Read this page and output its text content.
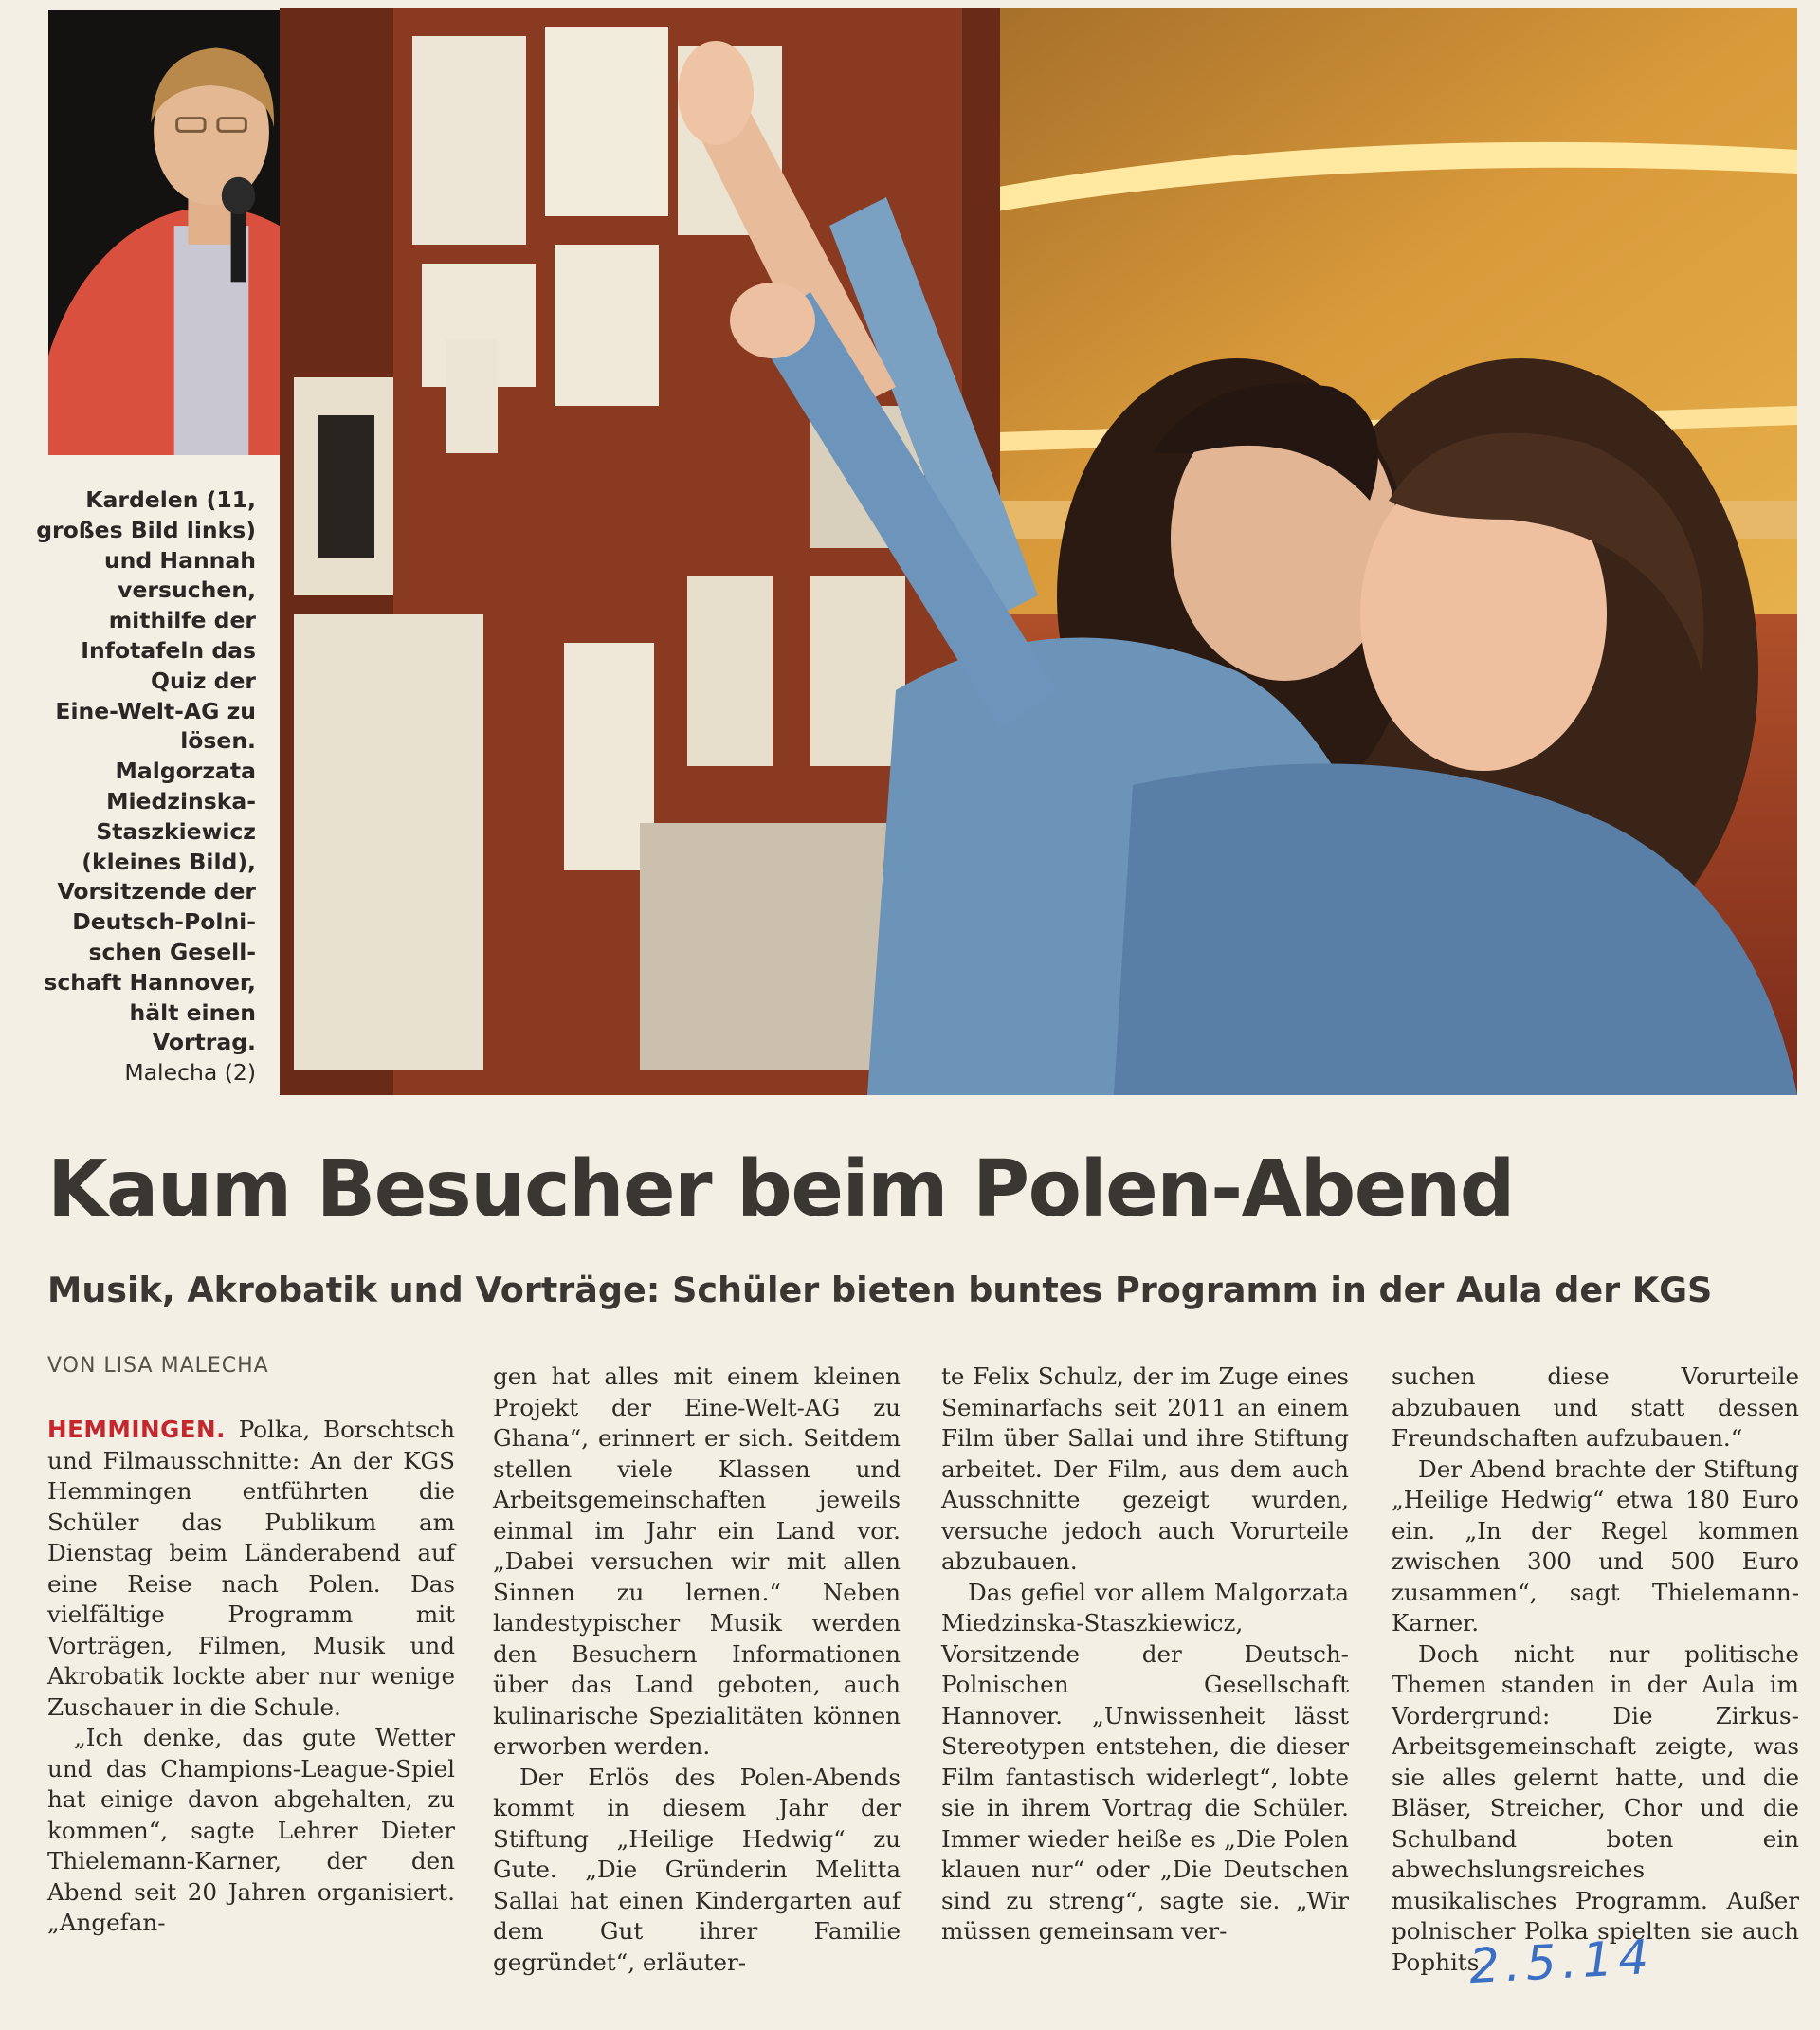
Kardelen (11,
großes Bild links)
und Hannah
versuchen,
mithilfe der
Infotafeln das
Quiz der
Eine-Welt-AG zu
lösen.
Malgorzata
Miedzinska-
Staszkiewicz
(kleines Bild),
Vorsitzende der
Deutsch-Polni-
schen Gesell-
schaft Hannover,
hält einen
Vortrag.
Malecha (2)
Kaum Besucher beim Polen-Abend
Musik, Akrobatik und Vorträge: Schüler bieten buntes Programm in der Aula der KGS
VON LISA MALECHA

HEMMINGEN. Polka, Borschtsch und Filmausschnitte: An der KGS Hemmingen entführten die Schüler das Publikum am Dienstag beim Länderabend auf eine Reise nach Polen. Das vielfältige Programm mit Vorträgen, Filmen, Musik und Akrobatik lockte aber nur wenige Zuschauer in die Schule.

„Ich denke, das gute Wetter und das Champions-League-Spiel hat einige davon abgehalten, zu kommen“, sagte Lehrer Dieter Thielemann-Karner, der den Abend seit 20 Jahren organisiert. „Angefan-

gen hat alles mit einem kleinen Projekt der Eine-Welt-AG zu Ghana“, erinnert er sich. Seitdem stellen viele Klassen und Arbeitsgemeinschaften jeweils einmal im Jahr ein Land vor. „Dabei versuchen wir mit allen Sinnen zu lernen.“ Neben landestypischer Musik werden den Besuchern Informationen über das Land geboten, auch kulinarische Spezialitäten können erworben werden.

Der Erlös des Polen-Abends kommt in diesem Jahr der Stiftung „Heilige Hedwig“ zu Gute. „Die Gründerin Melitta Sallai hat einen Kindergarten auf dem Gut ihrer Familie gegründet“, erläuter-

te Felix Schulz, der im Zuge eines Seminarfachs seit 2011 an einem Film über Sallai und ihre Stiftung arbeitet. Der Film, aus dem auch Ausschnitte gezeigt wurden, versuche jedoch auch Vorurteile abzubauen.

Das gefiel vor allem Malgorzata Miedzinska-Staszkiewicz, Vorsitzende der Deutsch-Polnischen Gesellschaft Hannover. „Unwissenheit lässt Stereotypen entstehen, die dieser Film fantastisch widerlegt“, lobte sie in ihrem Vortrag die Schüler. Immer wieder heiße es „Die Polen klauen nur“ oder „Die Deutschen sind zu streng“, sagte sie. „Wir müssen gemeinsam ver-

suchen diese Vorurteile abzubauen und statt dessen Freundschaften aufzubauen.“

Der Abend brachte der Stiftung „Heilige Hedwig“ etwa 180 Euro ein. „In der Regel kommen zwischen 300 und 500 Euro zusammen“, sagt Thielemann-Karner.

Doch nicht nur politische Themen standen in der Aula im Vordergrund: Die Zirkus-Arbeitsgemeinschaft zeigte, was sie alles gelernt hatte, und die Bläser, Streicher, Chor und die Schulband boten ein abwechslungsreiches musikalisches Programm. Außer polnischer Polka spielten sie auch Pophits.

2.5.14
